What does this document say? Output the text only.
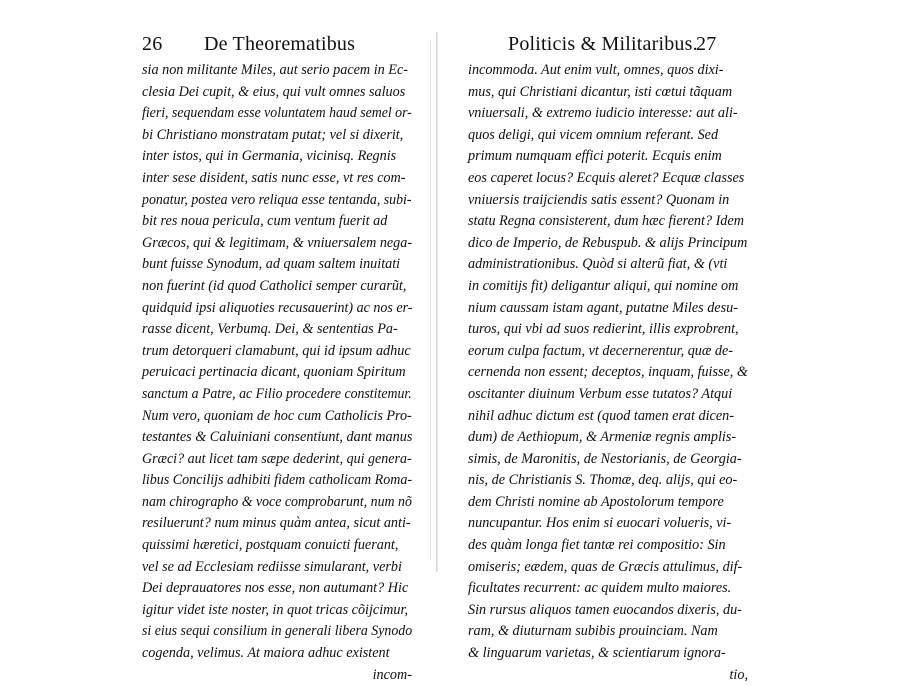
26 De Theorematibus
sia non militante Miles, aut serio pacem in Ec-
clesia Dei cupit, & eius, qui vult omnes saluos
fieri, sequendam esse voluntatem haud semel or-
bi Christiano monstratam putat; vel si dixerit,
inter istos, qui in Germania, vicinisq. Regnis
inter sese disident, satis nunc esse, vt res com-
ponatur, postea vero reliqua esse tentanda, subi-
bit res noua pericula, cum ventum fuerit ad
Græcos, qui & legitimam, & vniuersalem nega-
bunt fuisse Synodum, ad quam saltem inuitati
non fuerint (id quod Catholici semper curarũt,
quidquid ipsi aliquoties recusauerint) ac nos er-
rasse dicent, Verbumq. Dei, & sententias Pa-
trum detorqueri clamabunt, qui id ipsum adhuc
peruicaci pertinacia dicant, quoniam Spiritum
sanctum a Patre, ac Filio procedere constitemur.
Num vero, quoniam de hoc cum Catholicis Pro-
testantes & Caluiniani consentiunt, dant manus
Græci? aut licet tam sæpe dederint, qui genera-
libus Concilijs adhibiti fidem catholicam Roma-
nam chirographo & voce comprobarunt, num nõ
resiluerunt? num minus quàm antea, sicut anti-
quissimi hæretici, postquam conuicti fuerant,
vel se ad Ecclesiam rediisse simularant, verbi
Dei deprauatores nos esse, non autumant? Hic
igitur videt iste noster, in quot tricas cõijcimur,
si eius sequi consilium in generali libera Synodo
cogenda, velimus. At maiora adhuc existent
incom-
Politicis & Militaribus.
27
incommoda. Aut enim vult, omnes, quos dixi-
mus, qui Christiani dicantur, isti cœtui tãquam
vniuersali, & extremo iudicio interesse: aut ali-
quos deligi, qui vicem omnium referant. Sed
primum numquam effici poterit. Ecquis enim
eos caperet locus? Ecquis aleret? Ecquæ classes
vniuersis traijciendis satis essent? Quonam in
statu Regna consisterent, dum hæc fierent? Idem
dico de Imperio, de Rebuspub. & alijs Principum
administrationibus. Quòd si alterũ fiat, & (vti
in comitijs fit) deligantur aliqui, qui nomine om
nium caussam istam agant, putatne Miles desu-
turos, qui vbi ad suos redierint, illis exprobrent,
eorum culpa factum, vt decernerentur, quæ de-
cernenda non essent; deceptos, inquam, fuisse, &
oscitanter diuinum Verbum esse tutatos? Atqui
nihil adhuc dictum est (quod tamen erat dicen-
dum) de Aethiopum, & Armeniæ regnis amplis-
simis, de Maronitis, de Nestorianis, de Georgia-
nis, de Christianis S. Thomæ, deq. alijs, qui eo-
dem Christi nomine ab Apostolorum tempore
nuncupantur. Hos enim si euocari volueris, vi-
des quàm longa fiet tantæ rei compositio: Sin
omiseris; eædem, quas de Græcis attulimus, dif-
ficultates recurrent: ac quidem multo maiores.
Sin rursus aliquos tamen euocandos dixeris, du-
ram, & diuturnam subibis prouinciam. Nam
& linguarum varietas, & scientiarum ignora-
tio,
